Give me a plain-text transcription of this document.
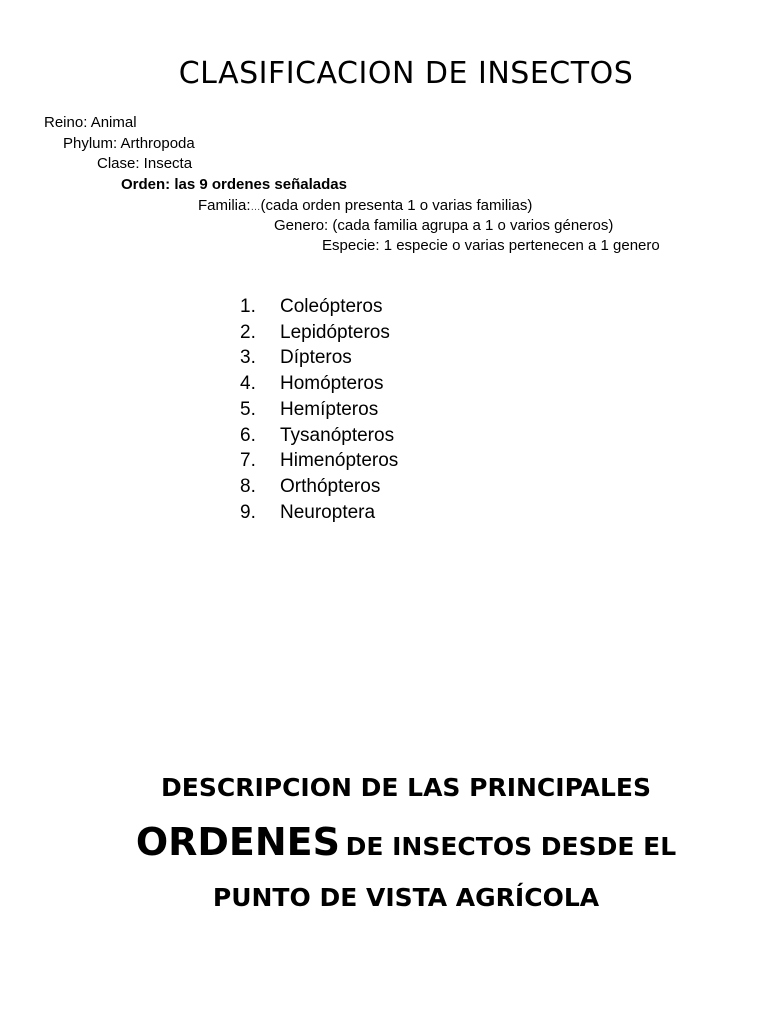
CLASIFICACION DE INSECTOS
Reino: Animal
Phylum: Arthropoda
Clase: Insecta
Orden: las 9 ordenes señaladas
Familia:…(cada orden presenta 1 o varias familias)
Genero: (cada familia agrupa a 1 o varios géneros)
Especie: 1 especie o varias pertenecen a 1 genero
1. Coleópteros
2. Lepidópteros
3. Dípteros
4. Homópteros
5. Hemípteros
6. Tysanópteros
7. Himenópteros
8. Orthópteros
9. Neuroptera
DESCRIPCION DE LAS PRINCIPALES
ORDENES DE INSECTOS DESDE EL
PUNTO DE VISTA AGRÍCOLA
